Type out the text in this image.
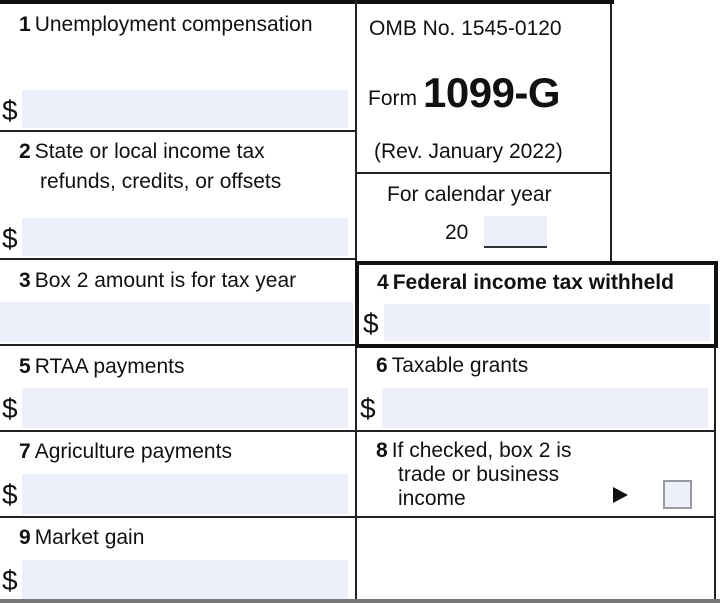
1 Unemployment compensation
$
2 State or local income tax
refunds, credits, or offsets
$
3 Box 2 amount is for tax year
5 RTAA payments
$
7 Agriculture payments
$
9 Market gain
$
OMB No. 1545-0120
Form 1099-G
(Rev. January 2022)
For calendar year
20
4 Federal income tax withheld
$
6 Taxable grants
$
8 If checked, box 2 is
trade or business
income
